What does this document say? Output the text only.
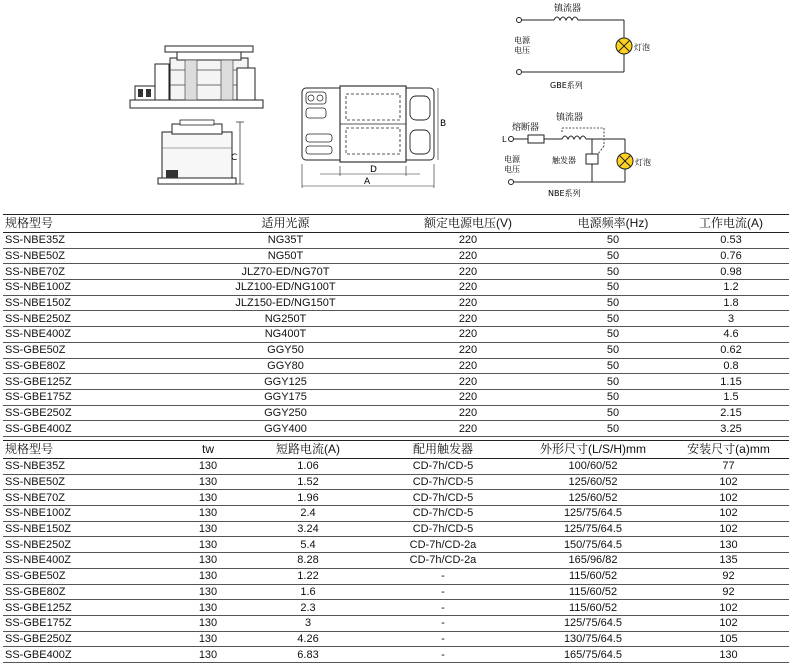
C
D
A
B
镇流器
电源
电压	灯泡
GBE系列
熔断器
镇流器
L
电源
电压
触发器	灯泡
NBE系列
规格型号	适用光源	额定电源电压(V)	电源频率(Hz)	工作电流(A)
SS-NBE35Z	NG35T	220	50	0.53
SS-NBE50Z	NG50T	220	50	0.76
SS-NBE70Z	JLZ70-ED/NG70T	220	50	0.98
SS-NBE100Z	JLZ100-ED/NG100T	220	50	1.2
SS-NBE150Z	JLZ150-ED/NG150T	220	50	1.8
SS-NBE250Z	NG250T	220	50	3
SS-NBE400Z	NG400T	220	50	4.6
SS-GBE50Z	GGY50	220	50	0.62
SS-GBE80Z	GGY80	220	50	0.8
SS-GBE125Z	GGY125	220	50	1.15
SS-GBE175Z	GGY175	220	50	1.5
SS-GBE250Z	GGY250	220	50	2.15
SS-GBE400Z	GGY400	220	50	3.25
规格型号	tw	短路电流(A)	配用触发器	外形尺寸(L/S/H)mm	安装尺寸(a)mm
SS-NBE35Z	130	1.06	CD-7h/CD-5	100/60/52	77
SS-NBE50Z	130	1.52	CD-7h/CD-5	125/60/52	102
SS-NBE70Z	130	1.96	CD-7h/CD-5	125/60/52	102
SS-NBE100Z	130	2.4	CD-7h/CD-5	125/75/64.5	102
SS-NBE150Z	130	3.24	CD-7h/CD-5	125/75/64.5	102
SS-NBE250Z	130	5.4	CD-7h/CD-2a	150/75/64.5	130
SS-NBE400Z	130	8.28	CD-7h/CD-2a	165/96/82	135
SS-GBE50Z	130	1.22	-	115/60/52	92
SS-GBE80Z	130	1.6	-	115/60/52	92
SS-GBE125Z	130	2.3	-	115/60/52	102
SS-GBE175Z	130	3	-	125/75/64.5	102
SS-GBE250Z	130	4.26	-	130/75/64.5	105
SS-GBE400Z	130	6.83	-	165/75/64.5	130
